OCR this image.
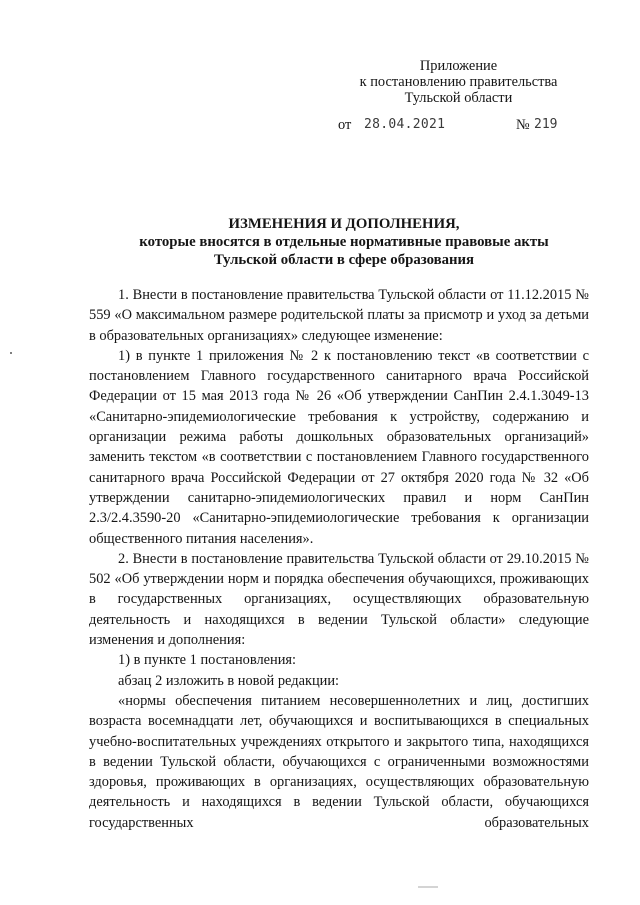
Приложение
к постановлению правительства
Тульской области
от 28.04.2021	№ 219
ИЗМЕНЕНИЯ И ДОПОЛНЕНИЯ,
которые вносятся в отдельные нормативные правовые акты
Тульской области в сфере образования

1. Внести в постановление правительства Тульской области от 11.12.2015 № 559 «О максимальном размере родительской платы за присмотр и уход за детьми в образовательных организациях» следующее изменение:

1) в пункте 1 приложения № 2 к постановлению текст «в соответствии с постановлением Главного государственного санитарного врача Российской Федерации от 15 мая 2013 года № 26 «Об утверждении СанПин 2.4.1.3049-13 «Санитарно-эпидемиологические требования к устройству, содержанию и организации режима работы дошкольных образовательных организаций» заменить текстом «в соответствии с постановлением Главного государственного санитарного врача Российской Федерации от 27 октября 2020 года № 32 «Об утверждении санитарно-эпидемиологических правил и норм СанПин 2.3/2.4.3590-20 «Санитарно-эпидемиологические требования к организации общественного питания населения».

2. Внести в постановление правительства Тульской области от 29.10.2015 № 502 «Об утверждении норм и порядка обеспечения обучающихся, проживающих в государственных организациях, осуществляющих образовательную деятельность и находящихся в ведении Тульской области» следующие изменения и дополнения:

1) в пункте 1 постановления:

абзац 2 изложить в новой редакции:

«нормы обеспечения питанием несовершеннолетних и лиц, достигших возраста восемнадцати лет, обучающихся и воспитывающихся в специальных учебно-воспитательных учреждениях открытого и закрытого типа, находящихся в ведении Тульской области, обучающихся с ограниченными возможностями здоровья, проживающих в организациях, осуществляющих образовательную деятельность и находящихся в ведении Тульской области, обучающихся государственных образовательных
